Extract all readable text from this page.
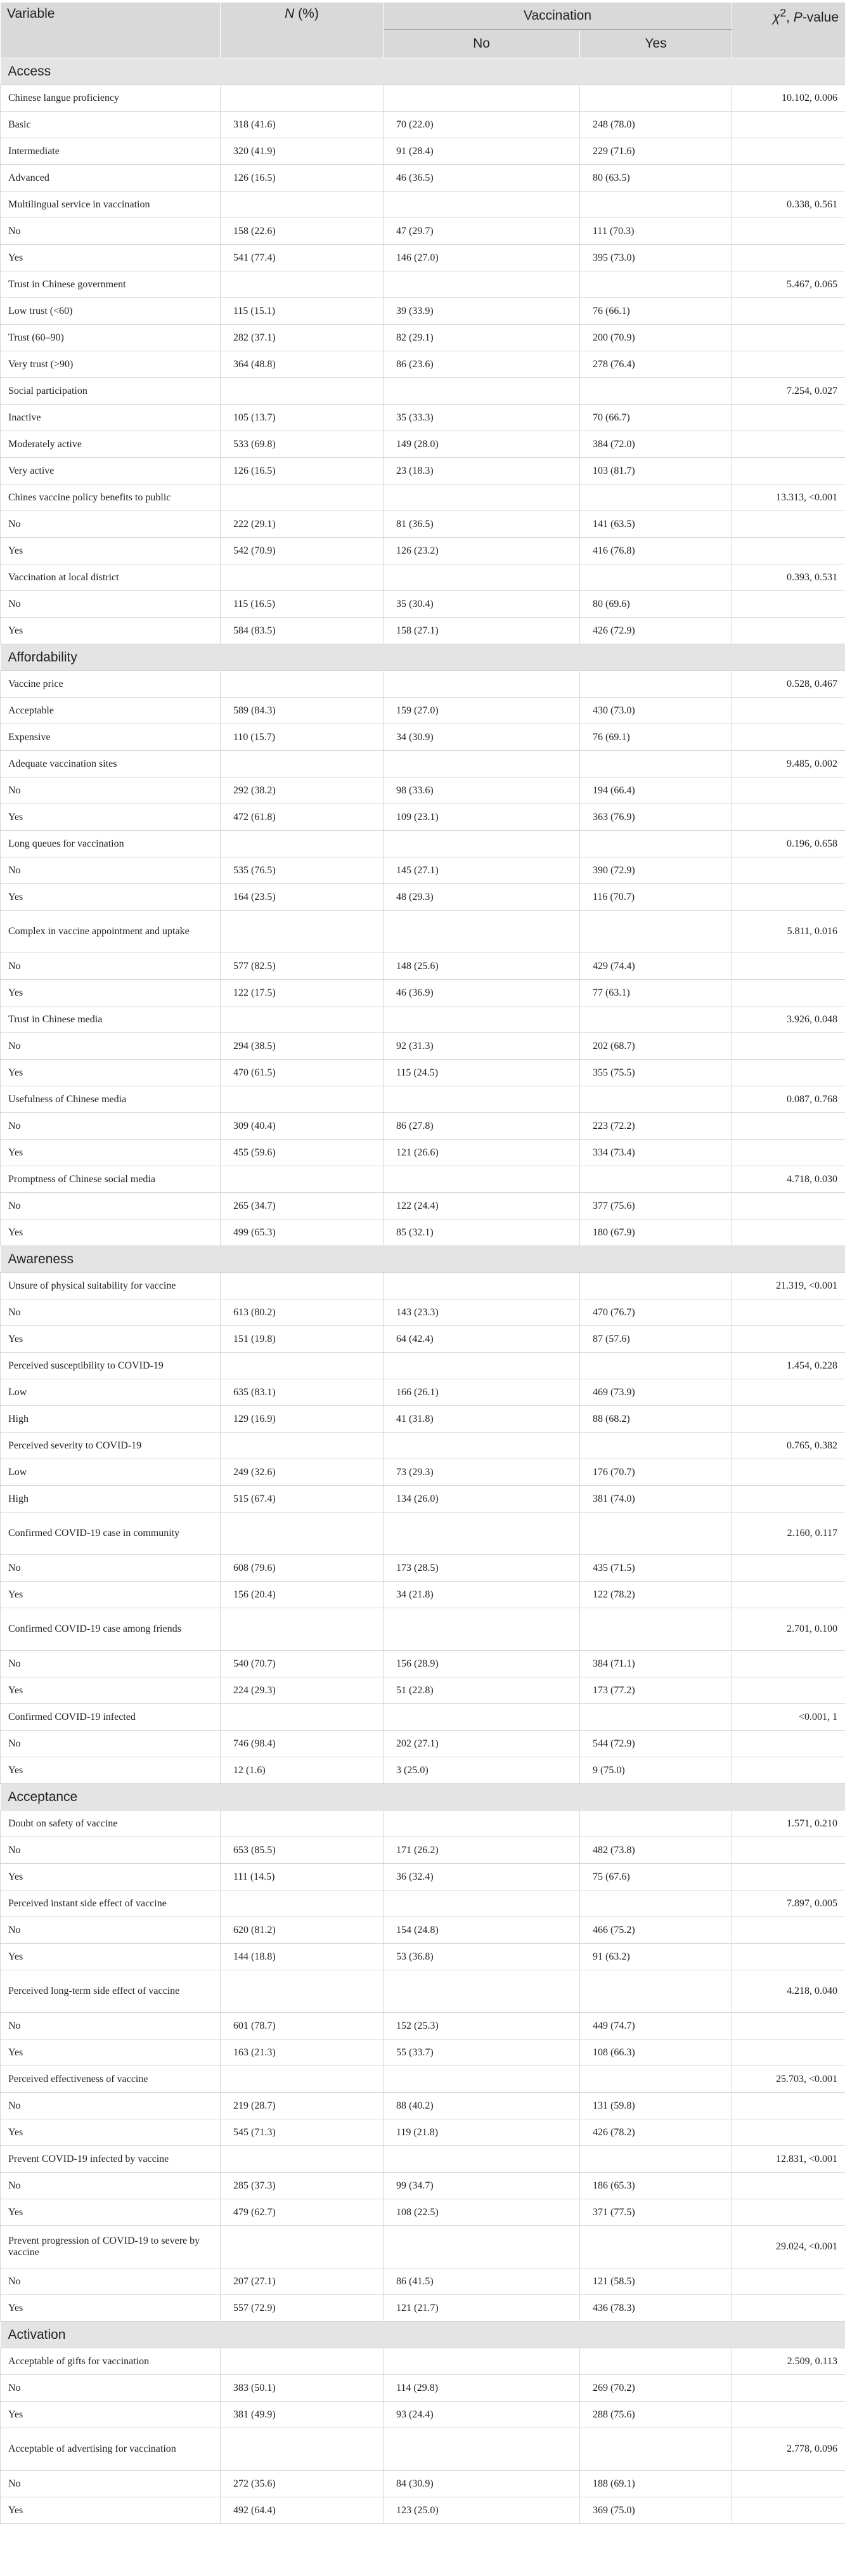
Variable	N (%)	Vaccination		$\chi^2$, P-value
		No	Yes	
Access				
Chinese langue proficiency				10.102, 0.006
Basic	318 (41.6)	70 (22.0)	248 (78.0)	
Intermediate	320 (41.9)	91 (28.4)	229 (71.6)	
Advanced	126 (16.5)	46 (36.5)	80 (63.5)	
Multilingual service in vaccination				0.338, 0.561
No	158 (22.6)	47 (29.7)	111 (70.3)	
Yes	541 (77.4)	146 (27.0)	395 (73.0)	
Trust in Chinese government				5.467, 0.065
Low trust (<60)	115 (15.1)	39 (33.9)	76 (66.1)	
Trust (60–90)	282 (37.1)	82 (29.1)	200 (70.9)	
Very trust (>90)	364 (48.8)	86 (23.6)	278 (76.4)	
Social participation				7.254, 0.027
Inactive	105 (13.7)	35 (33.3)	70 (66.7)	
Moderately active	533 (69.8)	149 (28.0)	384 (72.0)	
Very active	126 (16.5)	23 (18.3)	103 (81.7)	
Chines vaccine policy benefits to public				13.313, <0.001
No	222 (29.1)	81 (36.5)	141 (63.5)	
Yes	542 (70.9)	126 (23.2)	416 (76.8)	
Vaccination at local district				0.393, 0.531
No	115 (16.5)	35 (30.4)	80 (69.6)	
Yes	584 (83.5)	158 (27.1)	426 (72.9)	
Affordability				
Vaccine price				0.528, 0.467
Acceptable	589 (84.3)	159 (27.0)	430 (73.0)	
Expensive	110 (15.7)	34 (30.9)	76 (69.1)	
Adequate vaccination sites				9.485, 0.002
No	292 (38.2)	98 (33.6)	194 (66.4)	
Yes	472 (61.8)	109 (23.1)	363 (76.9)	
Long queues for vaccination				0.196, 0.658
No	535 (76.5)	145 (27.1)	390 (72.9)	
Yes	164 (23.5)	48 (29.3)	116 (70.7)	
Complex in vaccine appointment and uptake				5.811, 0.016
No	577 (82.5)	148 (25.6)	429 (74.4)	
Yes	122 (17.5)	46 (36.9)	77 (63.1)	
Trust in Chinese media				3.926, 0.048
No	294 (38.5)	92 (31.3)	202 (68.7)	
Yes	470 (61.5)	115 (24.5)	355 (75.5)	
Usefulness of Chinese media				0.087, 0.768
No	309 (40.4)	86 (27.8)	223 (72.2)	
Yes	455 (59.6)	121 (26.6)	334 (73.4)	
Promptness of Chinese social media				4.718, 0.030
No	265 (34.7)	122 (24.4)	377 (75.6)	
Yes	499 (65.3)	85 (32.1)	180 (67.9)	
Awareness				
Unsure of physical suitability for vaccine				21.319, <0.001
No	613 (80.2)	143 (23.3)	470 (76.7)	
Yes	151 (19.8)	64 (42.4)	87 (57.6)	
Perceived susceptibility to COVID-19				1.454, 0.228
Low	635 (83.1)	166 (26.1)	469 (73.9)	
High	129 (16.9)	41 (31.8)	88 (68.2)	
Perceived severity to COVID-19				0.765, 0.382
Low	249 (32.6)	73 (29.3)	176 (70.7)	
High	515 (67.4)	134 (26.0)	381 (74.0)	
Confirmed COVID-19 case in community				2.160, 0.117
No	608 (79.6)	173 (28.5)	435 (71.5)	
Yes	156 (20.4)	34 (21.8)	122 (78.2)	
Confirmed COVID-19 case among friends				2.701, 0.100
No	540 (70.7)	156 (28.9)	384 (71.1)	
Yes	224 (29.3)	51 (22.8)	173 (77.2)	
Confirmed COVID-19 infected				<0.001, 1
No	746 (98.4)	202 (27.1)	544 (72.9)	
Yes	12 (1.6)	3 (25.0)	9 (75.0)	
Acceptance				
Doubt on safety of vaccine				1.571, 0.210
No	653 (85.5)	171 (26.2)	482 (73.8)	
Yes	111 (14.5)	36 (32.4)	75 (67.6)	
Perceived instant side effect of vaccine				7.897, 0.005
No	620 (81.2)	154 (24.8)	466 (75.2)	
Yes	144 (18.8)	53 (36.8)	91 (63.2)	
Perceived long-term side effect of vaccine				4.218, 0.040
No	601 (78.7)	152 (25.3)	449 (74.7)	
Yes	163 (21.3)	55 (33.7)	108 (66.3)	
Perceived effectiveness of vaccine				25.703, <0.001
No	219 (28.7)	88 (40.2)	131 (59.8)	
Yes	545 (71.3)	119 (21.8)	426 (78.2)	
Prevent COVID-19 infected by vaccine				12.831, <0.001
No	285 (37.3)	99 (34.7)	186 (65.3)	
Yes	479 (62.7)	108 (22.5)	371 (77.5)	
Prevent progression of COVID-19 to severe by vaccine				29.024, <0.001
No	207 (27.1)	86 (41.5)	121 (58.5)	
Yes	557 (72.9)	121 (21.7)	436 (78.3)	
Activation				
Acceptable of gifts for vaccination				2.509, 0.113
No	383 (50.1)	114 (29.8)	269 (70.2)	
Yes	381 (49.9)	93 (24.4)	288 (75.6)	
Acceptable of advertising for vaccination				2.778, 0.096
No	272 (35.6)	84 (30.9)	188 (69.1)	
Yes	492 (64.4)	123 (25.0)	369 (75.0)	
